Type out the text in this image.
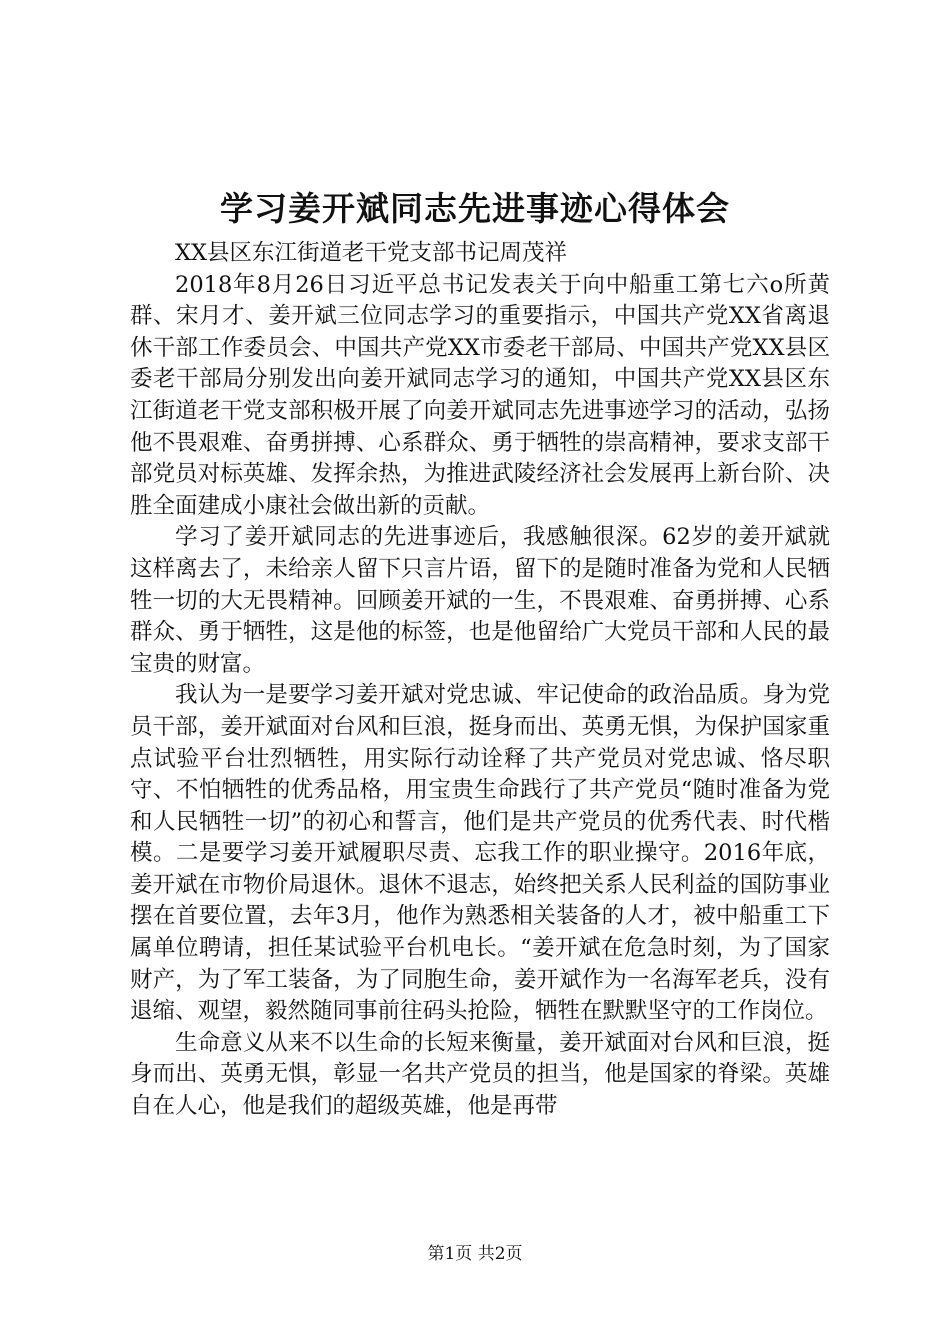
学习姜开斌同志先进事迹心得体会

XX县区东江街道老干党支部书记周茂祥

2018年8月26日习近平总书记发表关于向中船重工第七六o所黄群、宋月才、姜开斌三位同志学习的重要指示，中国共产党XX省离退休干部工作委员会、中国共产党XX市委老干部局、中国共产党XX县区委老干部局分别发出向姜开斌同志学习的通知，中国共产党XX县区东江街道老干党支部积极开展了向姜开斌同志先进事迹学习的活动，弘扬他不畏艰难、奋勇拼搏、心系群众、勇于牺牲的崇高精神，要求支部干部党员对标英雄、发挥余热，为推进武陵经济社会发展再上新台阶、决胜全面建成小康社会做出新的贡献。

学习了姜开斌同志的先进事迹后，我感触很深。62岁的姜开斌就这样离去了，未给亲人留下只言片语，留下的是随时准备为党和人民牺牲一切的大无畏精神。回顾姜开斌的一生，不畏艰难、奋勇拼搏、心系群众、勇于牺牲，这是他的标签，也是他留给广大党员干部和人民的最宝贵的财富。

我认为一是要学习姜开斌对党忠诚、牢记使命的政治品质。身为党员干部，姜开斌面对台风和巨浪，挺身而出、英勇无惧，为保护国家重点试验平台壮烈牺牲，用实际行动诠释了共产党员对党忠诚、恪尽职守、不怕牺牲的优秀品格，用宝贵生命践行了共产党员“随时准备为党和人民牺牲一切”的初心和誓言，他们是共产党员的优秀代表、时代楷模。二是要学习姜开斌履职尽责、忘我工作的职业操守。2016年底，姜开斌在市物价局退休。退休不退志，始终把关系人民利益的国防事业摆在首要位置，去年3月，他作为熟悉相关装备的人才，被中船重工下属单位聘请，担任某试验平台机电长。“姜开斌在危急时刻，为了国家财产，为了军工装备，为了同胞生命，姜开斌作为一名海军老兵，没有退缩、观望，毅然随同事前往码头抢险，牺牲在默默坚守的工作岗位。

生命意义从来不以生命的长短来衡量，姜开斌面对台风和巨浪，挺身而出、英勇无惧，彰显一名共产党员的担当，他是国家的脊梁。英雄自在人心，他是我们的超级英雄，他是再带

第1页 共2页
